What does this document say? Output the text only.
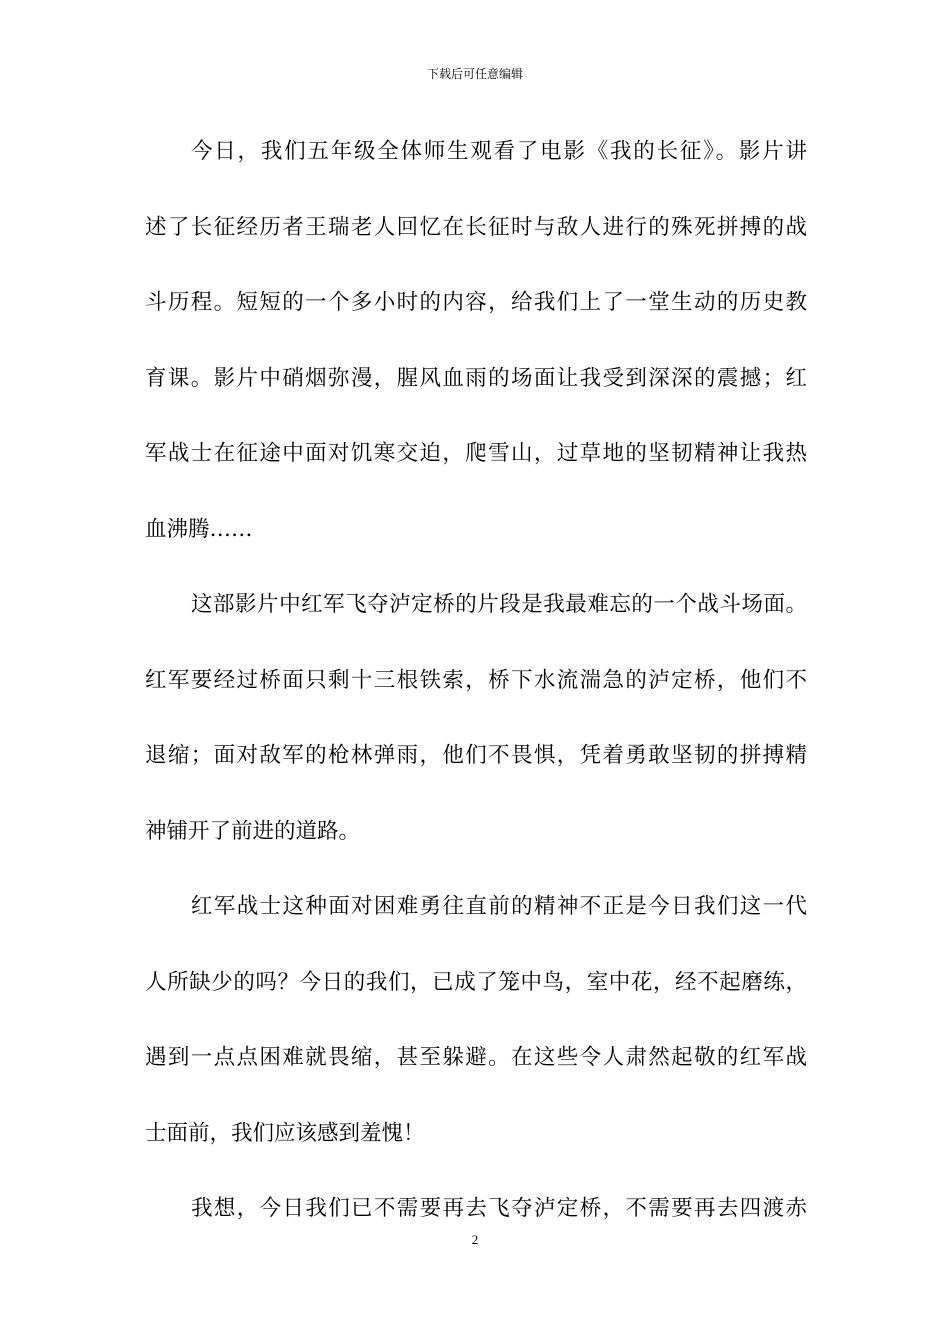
下载后可任意编辑
今日，我们五年级全体师生观看了电影《我的长征》。影片讲
述了长征经历者王瑞老人回忆在长征时与敌人进行的殊死拼搏的战
斗历程。短短的一个多小时的内容，给我们上了一堂生动的历史教
育课。影片中硝烟弥漫，腥风血雨的场面让我受到深深的震撼；红
军战士在征途中面对饥寒交迫，爬雪山，过草地的坚韧精神让我热
血沸腾……
这部影片中红军飞夺泸定桥的片段是我最难忘的一个战斗场面。
红军要经过桥面只剩十三根铁索，桥下水流湍急的泸定桥，他们不
退缩；面对敌军的枪林弹雨，他们不畏惧，凭着勇敢坚韧的拼搏精
神铺开了前进的道路。
红军战士这种面对困难勇往直前的精神不正是今日我们这一代
人所缺少的吗？今日的我们，已成了笼中鸟，室中花，经不起磨练，
遇到一点点困难就畏缩，甚至躲避。在这些令人肃然起敬的红军战
士面前，我们应该感到羞愧！
我想，今日我们已不需要再去飞夺泸定桥，不需要再去四渡赤
2
